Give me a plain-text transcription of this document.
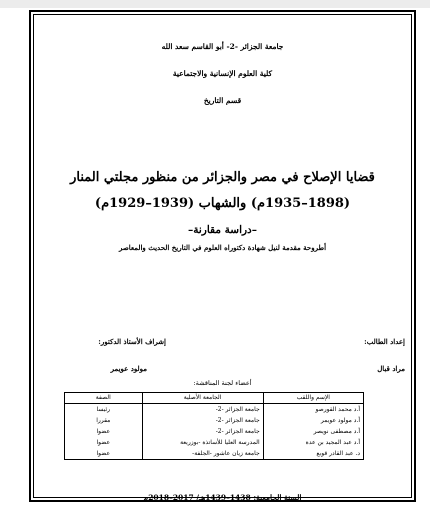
جامعة الجزائر -2- أبو القاسم سعد الله
كلية العلوم الإنسانية والاجتماعية
قسم التاريخ
قضايا الإصلاح في مصر والجزائر من منظور مجلتي المنار
(1898–1935م) والشهاب (1939–1929م)
–دراسة مقارنة–
أطروحة مقدمة لنيل شهادة دكتوراه العلوم في التاريخ الحديث والمعاصر
إعداد الطالب:
مراد قبال
إشراف الأستاذ الدكتور:
مولود عويمر
أعضاء لجنة المناقشة:
الإسم واللقب	الجامعة الأصلية	الصفة
أ.د محمد القورصو	جامعة الجزائر -2-	رئيسا
أ.د مولود عويمر	جامعة الجزائر -2-	مقررا
أ.د مصطفى نويصر	جامعة الجزائر -2-	عضوا
أ.د عبد المجيد بن عدة	المدرسة العليا للأساتذة -بوزريعة	عضوا
د. عبد القادر قوبع	جامعة زيان عاشور -الجلفة-	عضوا
السنة الجامعية: 1438–1439هـ/ 2017–2018م
